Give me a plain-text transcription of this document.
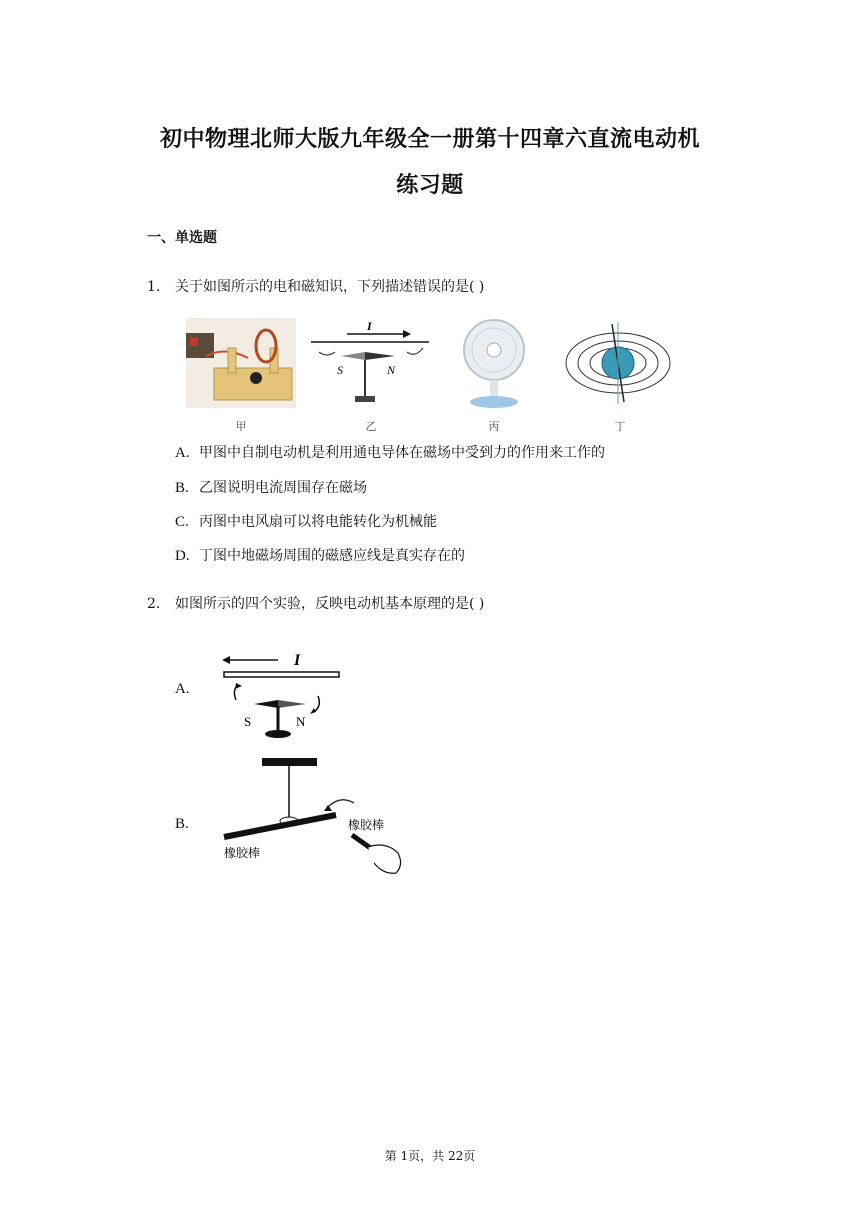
初中物理北师大版九年级全一册第十四章六直流电动机
练习题
一、单选题
1. 关于如图所示的电和磁知识，下列描述错误的是( )
I
S	N
甲	乙	丙	丁
A. 甲图中自制电动机是利用通电导体在磁场中受到力的作用来工作的
B. 乙图说明电流周围存在磁场
C. 丙图中电风扇可以将电能转化为机械能
D. 丁图中地磁场周围的磁感应线是真实存在的
2. 如图所示的四个实验，反映电动机基本原理的是( )
A.
I
S	N
B.	橡胶棒
橡胶棒
第 1页，共 22页
